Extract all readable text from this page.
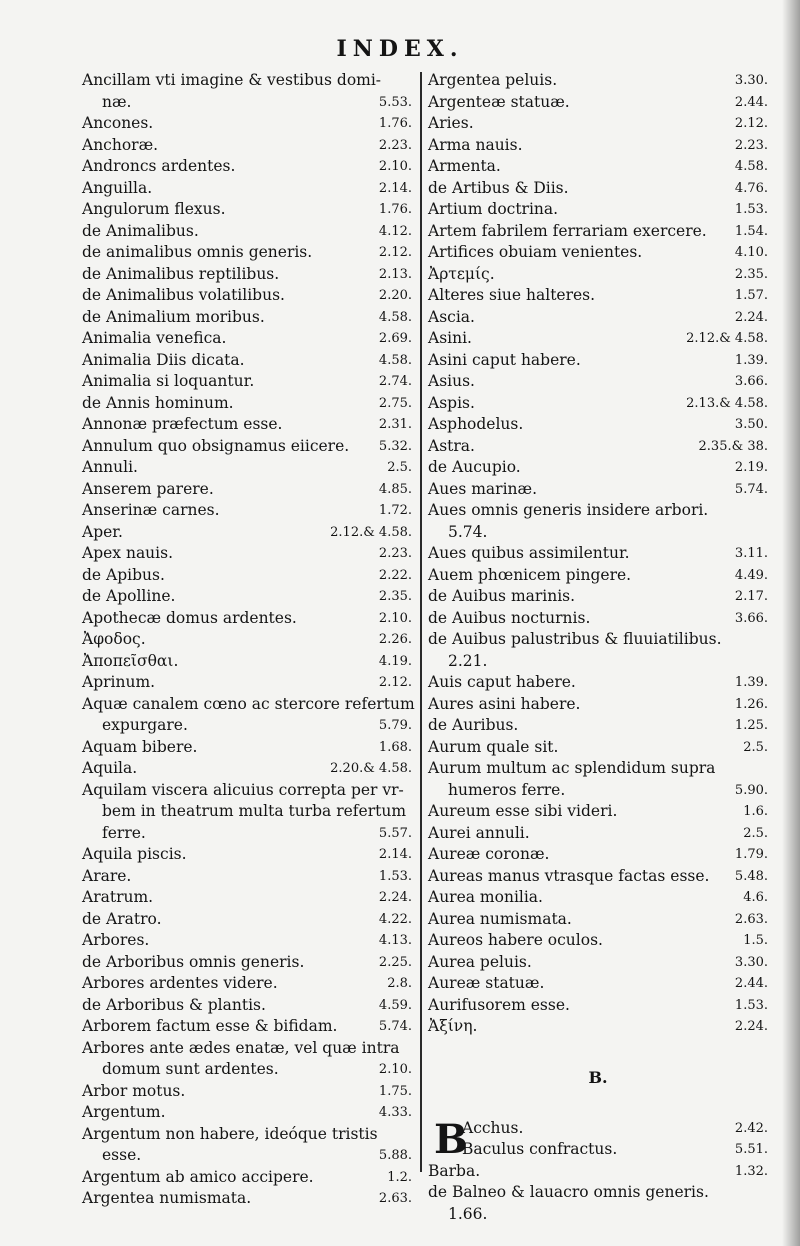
INDEX.
Ancillam vti imagine & vestibus domi-
næ.	5.53.
Ancones.	1.76.
Anchoræ.	2.23.
Androncs ardentes.	2.10.
Anguilla.	2.14.
Angulorum flexus.	1.76.
de Animalibus.	4.12.
de animalibus omnis generis.	2.12.
de Animalibus reptilibus.	2.13.
de Animalibus volatilibus.	2.20.
de Animalium moribus.	4.58.
Animalia venefica.	2.69.
Animalia Diis dicata.	4.58.
Animalia si loquantur.	2.74.
de Annis hominum.	2.75.
Annonæ præfectum esse.	2.31.
Annulum quo obsignamus eiicere. 5.32.
Annuli.	2.5.
Anserem parere.	4.85.
Anserinæ carnes.	1.72.
Aper.	2.12.& 4.58.
Apex nauis.	2.23.
de Apibus.	2.22.
de Apolline.	2.35.
Apothecæ domus ardentes.	2.10.
Ἀφοδος.	2.26.
Ἀποπεῖσθαι.	4.19.
Aprinum.	2.12.
Aquæ canalem cœno ac stercore refertum
expurgare.	5.79.
Aquam bibere.	1.68.
Aquila.	2.20.& 4.58.
Aquilam viscera alicuius correpta per vr-
bem in theatrum multa turba refertum
ferre.	5.57.
Aquila piscis.	2.14.
Arare.	1.53.
Aratrum.	2.24.
de Aratro.	4.22.
Arbores.	4.13.
de Arboribus omnis generis.	2.25.
Arbores ardentes videre.	2.8.
de Arboribus & plantis.	4.59.
Arborem factum esse & bifidam.	5.74.
Arbores ante ædes enatæ, vel quæ intra
domum sunt ardentes.	2.10.
Arbor motus.	1.75.
Argentum.	4.33.
Argentum non habere, ideóque tristis
esse.	5.88.
Argentum ab amico accipere.	1.2.
Argentea numismata.	2.63.
Argentea peluis.	3.30.
Argenteæ statuæ.	2.44.
Aries.	2.12.
Arma nauis.	2.23.
Armenta.	4.58.
de Artibus & Diis.	4.76.
Artium doctrina.	1.53.
Artem fabrilem ferrariam exercere. 1.54.
Artifices obuiam venientes.	4.10.
Ἀρτεμίς.	2.35.
Alteres siue halteres.	1.57.
Ascia.	2.24.
Asini.	2.12.& 4.58.
Asini caput habere.	1.39.
Asius.	3.66.
Aspis.	2.13.& 4.58.
Asphodelus.	3.50.
Astra.	2.35.& 38.
de Aucupio.	2.19.
Aues marinæ.	5.74.
Aues omnis generis insidere arbori.
5.74.
Aues quibus assimilentur.	3.11.
Auem phœnicem pingere.	4.49.
de Auibus marinis.	2.17.
de Auibus nocturnis.	3.66.
de Auibus palustribus & fluuiatilibus.
2.21.
Auis caput habere.	1.39.
Aures asini habere.	1.26.
de Auribus.	1.25.
Aurum quale sit.	2.5.
Aurum multum ac splendidum supra
humeros ferre.	5.90.
Aureum esse sibi videri.	1.6.
Aurei annuli.	2.5.
Aureæ coronæ.	1.79.
Aureas manus vtrasque factas esse. 5.48.
Aurea monilia.	4.6.
Aurea numismata.	2.63.
Aureos habere oculos.	1.5.
Aurea peluis.	3.30.
Aureæ statuæ.	2.44.
Aurifusorem esse.	1.53.
Ἀξίνη.	2.24.
B.
B
Acchus.	2.42.
Baculus confractus.	5.51.
Barba.	1.32.
de Balneo & lauacro omnis generis.
1.66.
